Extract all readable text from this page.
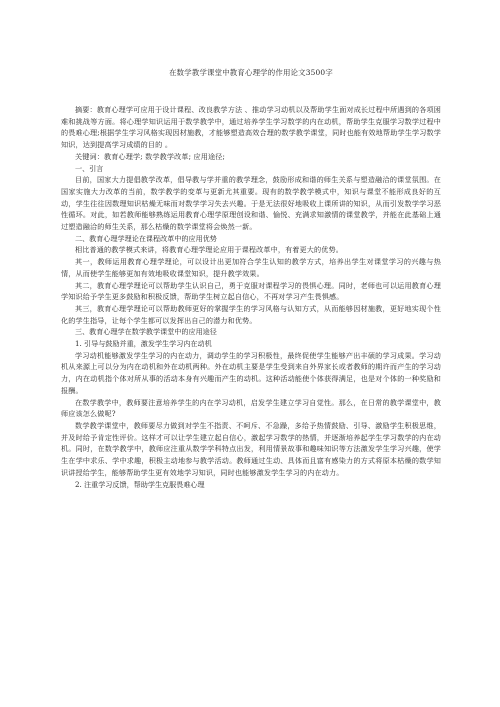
在数学教学课堂中教育心理学的作用论文3500字

摘要：教育心理学可应用于设计课程、改良教学方法 、推动学习动机以及帮助学生面对成长过程中所遇到的各项困难和挑战等方面。将心理学知识运用于数学教学中，通过培养学生学习数学的内在动机，帮助学生克服学习数学过程中的畏难心理;根据学生学习风格实现因材施教，才能够塑造高效合理的数学教学课堂，同时也能有效地帮助学生学习数学知识，达到提高学习成绩的目的 。

关键词：教育心理学; 数学教学改革; 应用途径;

一、引言

目前，国家大力提倡教学改革，倡导教与学并重的教学理念，鼓励形成和谐的师生关系与塑造融洽的课堂氛围。在国家实施大力改革的当前，数学教学的变革与更新尤其重要。现有的数学教学模式中，知识与课堂不能形成良好的互动，学生往往因数理知识枯燥无味而对数学学习失去兴趣。于是无法很好地吸收上课所讲的知识，从而引发数学学习恶性循环。对此，如若教师能够熟练运用教育心理学原理创设和谐、愉悦、充满求知激情的课堂教学，并能在此基础上通过塑造融洽的师生关系，那么枯燥的数学课堂将会焕然一新。

二、教育心理学理论在课程改革中的应用优势

相比普通的教学模式来讲，将教育心理学理论应用于课程改革中，有着更大的优势。

其一，教师运用教育心理学理论，可以设计出更加符合学生认知的教学方式，培养出学生对课堂学习的兴趣与热情，从而使学生能够更加有效地吸收课堂知识，提升教学效果。

其二，教育心理学理论可以帮助学生认识自己，勇于克服对课程学习的畏惧心理。同时，老师也可以运用教育心理学知识给予学生更多鼓励和积极反馈，帮助学生树立起自信心，不再对学习产生畏惧感。

其三，教育心理学理论可以帮助教师更好的掌握学生的学习风格与认知方式，从而能够因材施教，更好地实现个性化的学生指导，让每个学生都可以发挥出自己的潜力和优势。

三、教育心理学在数学教学课堂中的应用途径

1. 引导与鼓励并重，激发学生学习内在动机

学习动机能够激发学生学习的内在动力，调动学生的学习积极性，最终促使学生能够产出丰硕的学习成果。学习动机从来源上可以分为内在动机和外在动机两种。外在动机主要是学生受到来自外界家长或者教师的期许而产生的学习动力，内在动机指个体对所从事的活动本身有兴趣而产生的动机。这种活动能使个体获得满足，也是对个体的一种奖励和报酬。

在数学教学中，教师要注意培养学生的内在学习动机，启发学生建立学习自觉性。那么，在日常的教学课堂中，教师应该怎么做呢?

数学教学课堂中，教师要尽力做到对学生不指责、不呵斥、不急躁，多给予热情鼓励、引导、激励学生积极思维，并及时给予肯定性评价。这样才可以让学生建立起自信心，激起学习数学的热情，并逐渐培养起学生学习数学的内在动机。同时，在数学教学中，教师应注重从数学学科特点出发，利用情景故事和趣味知识等方法激发学生学习兴趣，使学生在学中求乐、学中求趣，积极主动地参与教学活动。教师通过生动、具体而且富有感染力的方式将原本枯燥的数学知识讲授给学生，能够帮助学生更有效地学习知识，同时也能够激发学生学习的内在动力。

2. 注重学习反馈，帮助学生克服畏难心理
